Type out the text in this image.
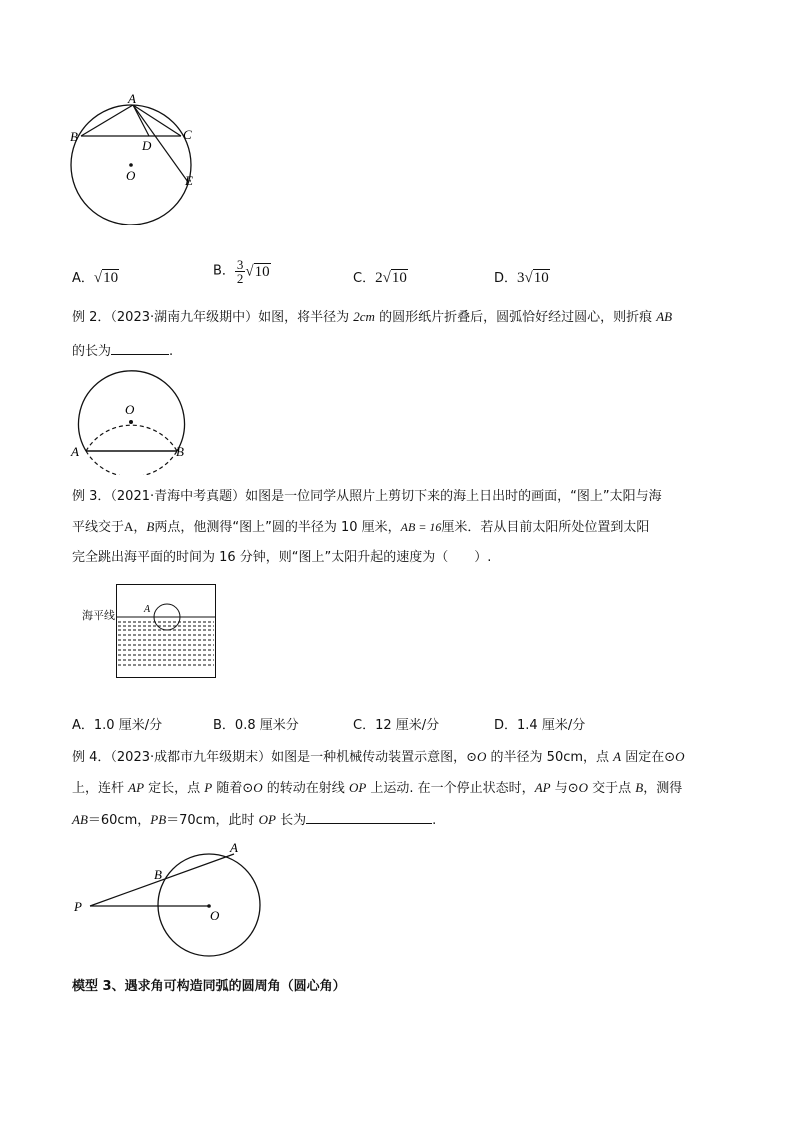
A
B	C
D
E
O
A．√10	B． $\frac{3}{2} √10$	C．2√10	D．3√10
例 2．（2023·湖南九年级期中）如图，将半径为 2cm 的圆形纸片折叠后，圆弧恰好经过圆心，则折痕 AB
的长为	.
O
A	B
例 3．（2021·青海中考真题）如图是一位同学从照片上剪切下来的海上日出时的画面，“图上”太阳与海
平线交于A，B两点，他测得“图上”圆的半径为 10 厘米，AB = 16厘米．若从目前太阳所处位置到太阳
完全跳出海平面的时间为 16 分钟，则“图上”太阳升起的速度为（　　）.
海平线	A
A．1.0 厘米/分	B．0.8 厘米分	C．12 厘米/分	D．1.4 厘米/分
例 4．（2023·成都市九年级期末）如图是一种机械传动装置示意图，⊙O 的半径为 50cm，点 A 固定在⊙O
上，连杆 AP 定长，点 P 随着⊙O 的转动在射线 OP 上运动. 在一个停止状态时，AP 与⊙O 交于点 B，测得
AB＝60cm，PB＝70cm，此时 OP 长为	.
P
B
A
O
模型 3、遇求角可构造同弧的圆周角（圆心角）
